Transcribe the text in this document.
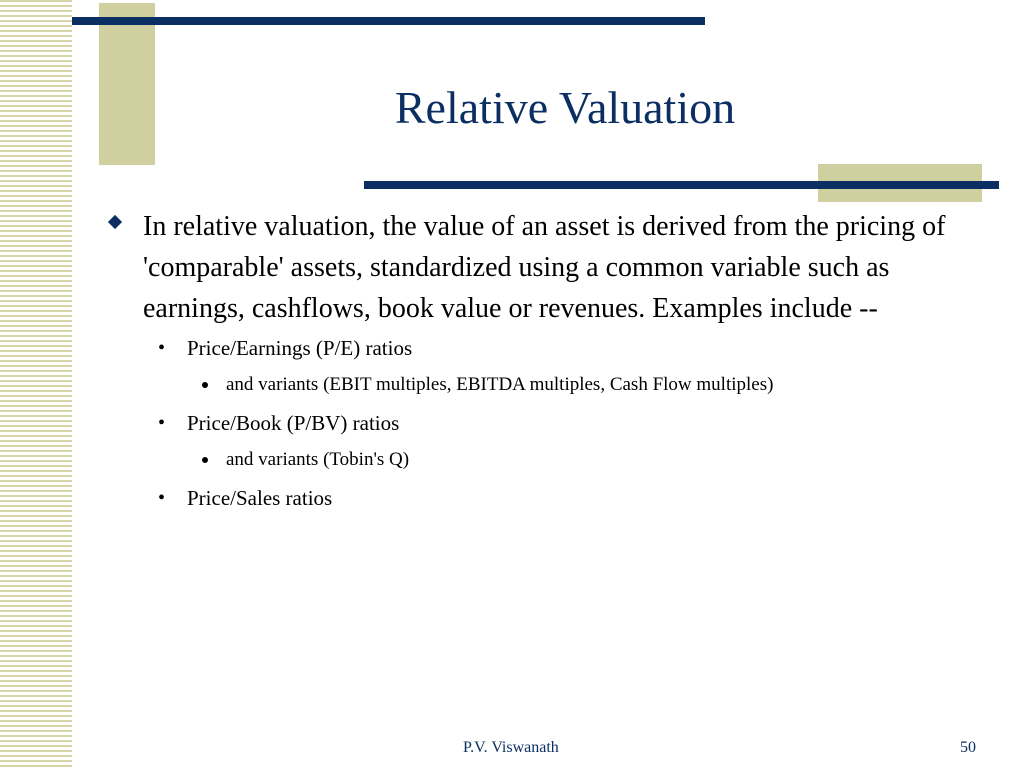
Relative Valuation
In relative valuation, the value of an asset is derived from the pricing of 'comparable' assets, standardized using a common variable such as earnings, cashflows, book value or revenues. Examples include --
• Price/Earnings (P/E) ratios
and variants (EBIT multiples, EBITDA multiples, Cash Flow multiples)
• Price/Book (P/BV) ratios
and variants (Tobin's Q)
• Price/Sales ratios
P.V. Viswanath	50
